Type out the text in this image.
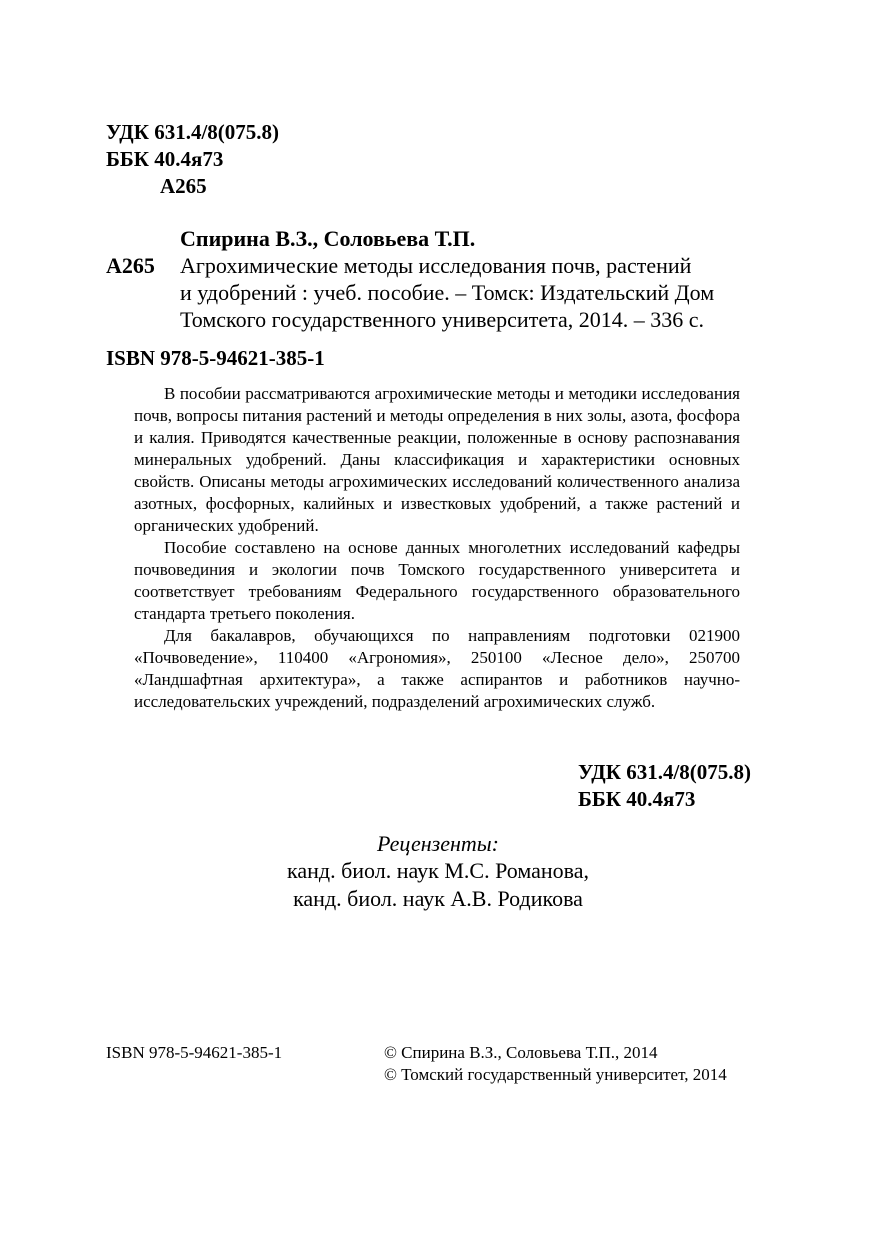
УДК 631.4/8(075.8)
ББК 40.4я73
А265
Спирина В.З., Соловьева Т.П.
А265 Агрохимические методы исследования почв, растений
и удобрений : учеб. пособие. – Томск: Издательский Дом
Томского государственного университета, 2014. – 336 с.
ISBN 978-5-94621-385-1

В пособии рассматриваются агрохимические методы и методики исследования почв, вопросы питания растений и методы определения в них золы, азота, фосфора и калия. Приводятся качественные реакции, положенные в основу распознавания минеральных удобрений. Даны классификация и характеристики основных свойств. Описаны методы агрохимических исследований количественного анализа азотных, фосфорных, калийных и известковых удобрений, а также растений и органических удобрений.

Пособие составлено на основе данных многолетних исследований кафедры почвовединия и экологии почв Томского государственного университета и соответствует требованиям Федерального государственного образовательного стандарта третьего поколения.

Для бакалавров, обучающихся по направлениям подготовки 021900 «Почвоведение», 110400 «Агрономия», 250100 «Лесное дело», 250700 «Ландшафтная архитектура», а также аспирантов и работников научно-исследовательских учреждений, подразделений агрохимических служб.

УДК 631.4/8(075.8)
ББК 40.4я73
Рецензенты:
канд. биол. наук М.С. Романова,
канд. биол. наук А.В. Родикова
ISBN 978-5-94621-385-1	© Спирина В.З., Соловьева Т.П., 2014
© Томский государственный университет, 2014
